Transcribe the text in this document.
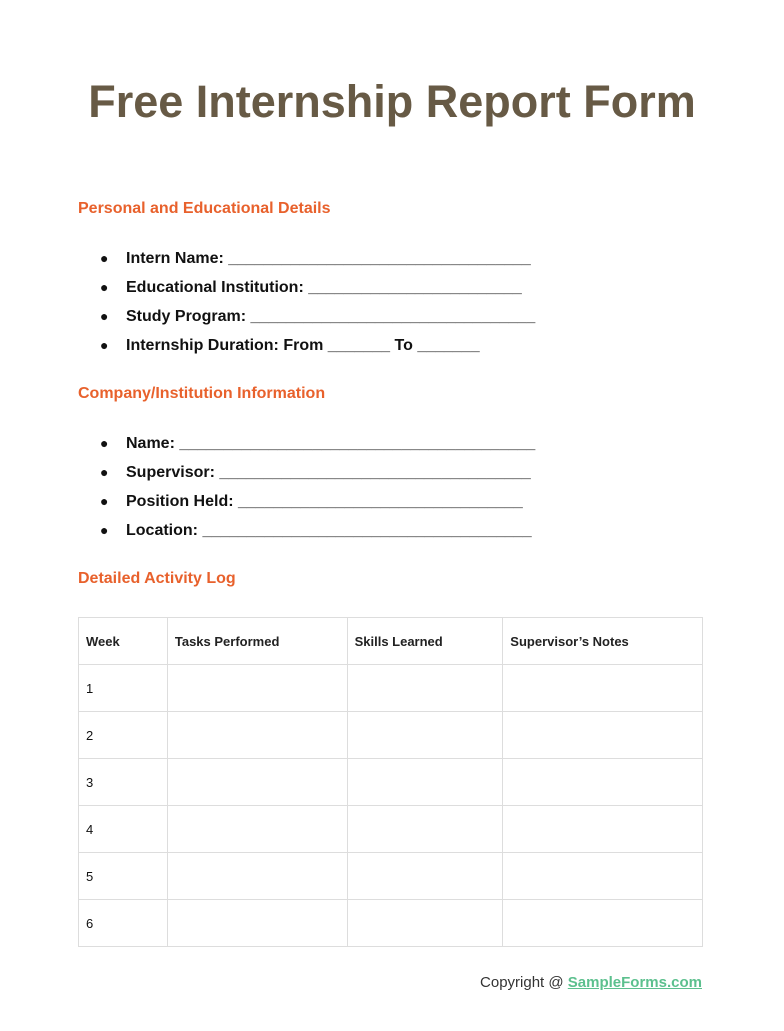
Free Internship Report Form
Personal and Educational Details
● Intern Name: __________________________________
● Educational Institution: ________________________
● Study Program: ________________________________
● Internship Duration: From _______ To _______
Company/Institution Information
● Name: ________________________________________
● Supervisor: ___________________________________
● Position Held: ________________________________
● Location: _____________________________________
Detailed Activity Log
Week	Tasks Performed	Skills Learned	Supervisor’s Notes
1			
2			
3			
4			
5			
6			
Copyright @ SampleForms.com
